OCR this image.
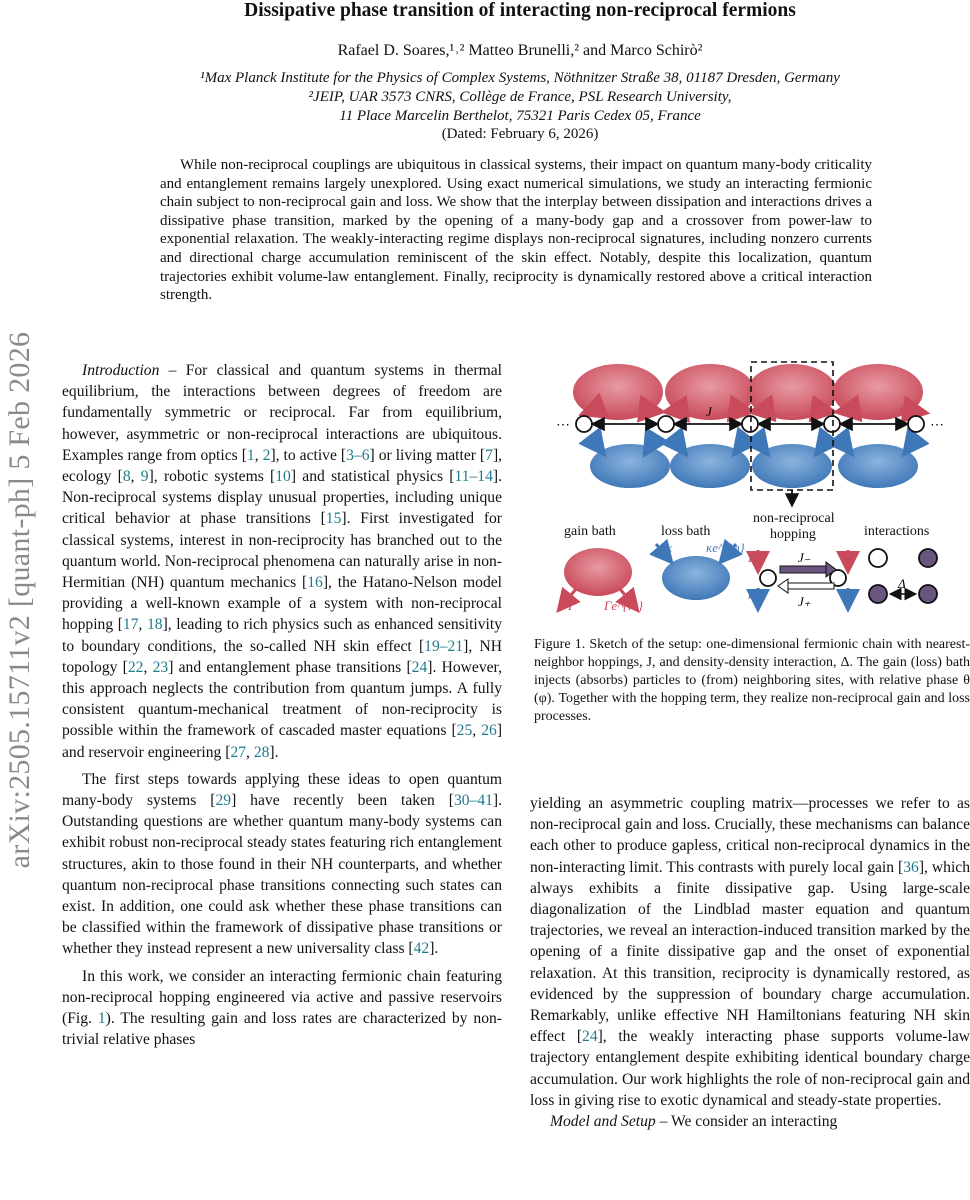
arXiv:2505.15711v2 [quant-ph] 5 Feb 2026
Dissipative phase transition of interacting non-reciprocal fermions
Rafael D. Soares,¹˒² Matteo Brunelli,² and Marco Schirò²
¹Max Planck Institute for the Physics of Complex Systems, Nöthnitzer Straße 38, 01187 Dresden, Germany
²JEIP, UAR 3573 CNRS, Collège de France, PSL Research University,
11 Place Marcelin Berthelot, 75321 Paris Cedex 05, France
(Dated: February 6, 2026)

While non-reciprocal couplings are ubiquitous in classical systems, their impact on quantum many-body criticality and entanglement remains largely unexplored. Using exact numerical simulations, we study an interacting fermionic chain subject to non-reciprocal gain and loss. We show that the interplay between dissipation and interactions drives a dissipative phase transition, marked by the opening of a many-body gap and a crossover from power-law to exponential relaxation. The weakly-interacting regime displays non-reciprocal signatures, including nonzero currents and directional charge accumulation reminiscent of the skin effect. Notably, despite this localization, quantum trajectories exhibit volume-law entanglement. Finally, reciprocity is dynamically restored above a critical interaction strength.

Introduction – For classical and quantum systems in thermal equilibrium, the interactions between degrees of freedom are fundamentally symmetric or reciprocal. Far from equilibrium, however, asymmetric or non-reciprocal interactions are ubiquitous. Examples range from optics [1, 2], to active [3–6] or living matter [7], ecology [8, 9], robotic systems [10] and statistical physics [11–14]. Non-reciprocal systems display unusual properties, including unique critical behavior at phase transitions [15]. First investigated for classical systems, interest in non-reciprocity has branched out to the quantum world. Non-reciprocal phenomena can naturally arise in non-Hermitian (NH) quantum mechanics [16], the Hatano-Nelson model providing a well-known example of a system with non-reciprocal hopping [17, 18], leading to rich physics such as enhanced sensitivity to boundary conditions, the so-called NH skin effect [19–21], NH topology [22, 23] and entanglement phase transitions [24]. However, this approach neglects the contribution from quantum jumps. A fully consistent quantum-mechanical treatment of non-reciprocity is possible within the framework of cascaded master equations [25, 26] and reservoir engineering [27, 28].

The first steps towards applying these ideas to open quantum many-body systems [29] have recently been taken [30–41]. Outstanding questions are whether quantum many-body systems can exhibit robust non-reciprocal steady states featuring rich entanglement structures, akin to those found in their NH counterparts, and whether quantum non-reciprocal phase transitions connecting such states can exist. In addition, one could ask whether these phase transitions can be classified within the framework of dissipative phase transitions or whether they instead represent a new universality class [42].

In this work, we consider an interacting fermionic chain featuring non-reciprocal hopping engineered via active and passive reservoirs (Fig. 1). The resulting gain and loss rates are characterized by non-trivial relative phases

J
⋯	⋯
gain bath	loss bath
non-reciprocal
hopping	interactions
Γ Γe^{iθ}
κ	κe^{iφ}
J₋
J₊
Γ
κ
Δ
Figure 1. Sketch of the setup: one-dimensional fermionic chain with nearest-neighbor hoppings, J, and density-density interaction, Δ. The gain (loss) bath injects (absorbs) particles to (from) neighboring sites, with relative phase θ (φ). Together with the hopping term, they realize non-reciprocal gain and loss processes.

yielding an asymmetric coupling matrix—processes we refer to as non-reciprocal gain and loss. Crucially, these mechanisms can balance each other to produce gapless, critical non-reciprocal dynamics in the non-interacting limit. This contrasts with purely local gain [36], which always exhibits a finite dissipative gap. Using large-scale diagonalization of the Lindblad master equation and quantum trajectories, we reveal an interaction-induced transition marked by the opening of a finite dissipative gap and the onset of exponential relaxation. At this transition, reciprocity is dynamically restored, as evidenced by the suppression of boundary charge accumulation. Remarkably, unlike effective NH Hamiltonians featuring NH skin effect [24], the weakly interacting phase supports volume-law trajectory entanglement despite exhibiting identical boundary charge accumulation. Our work highlights the role of non-reciprocal gain and loss in giving rise to exotic dynamical and steady-state properties.

Model and Setup – We consider an interacting
